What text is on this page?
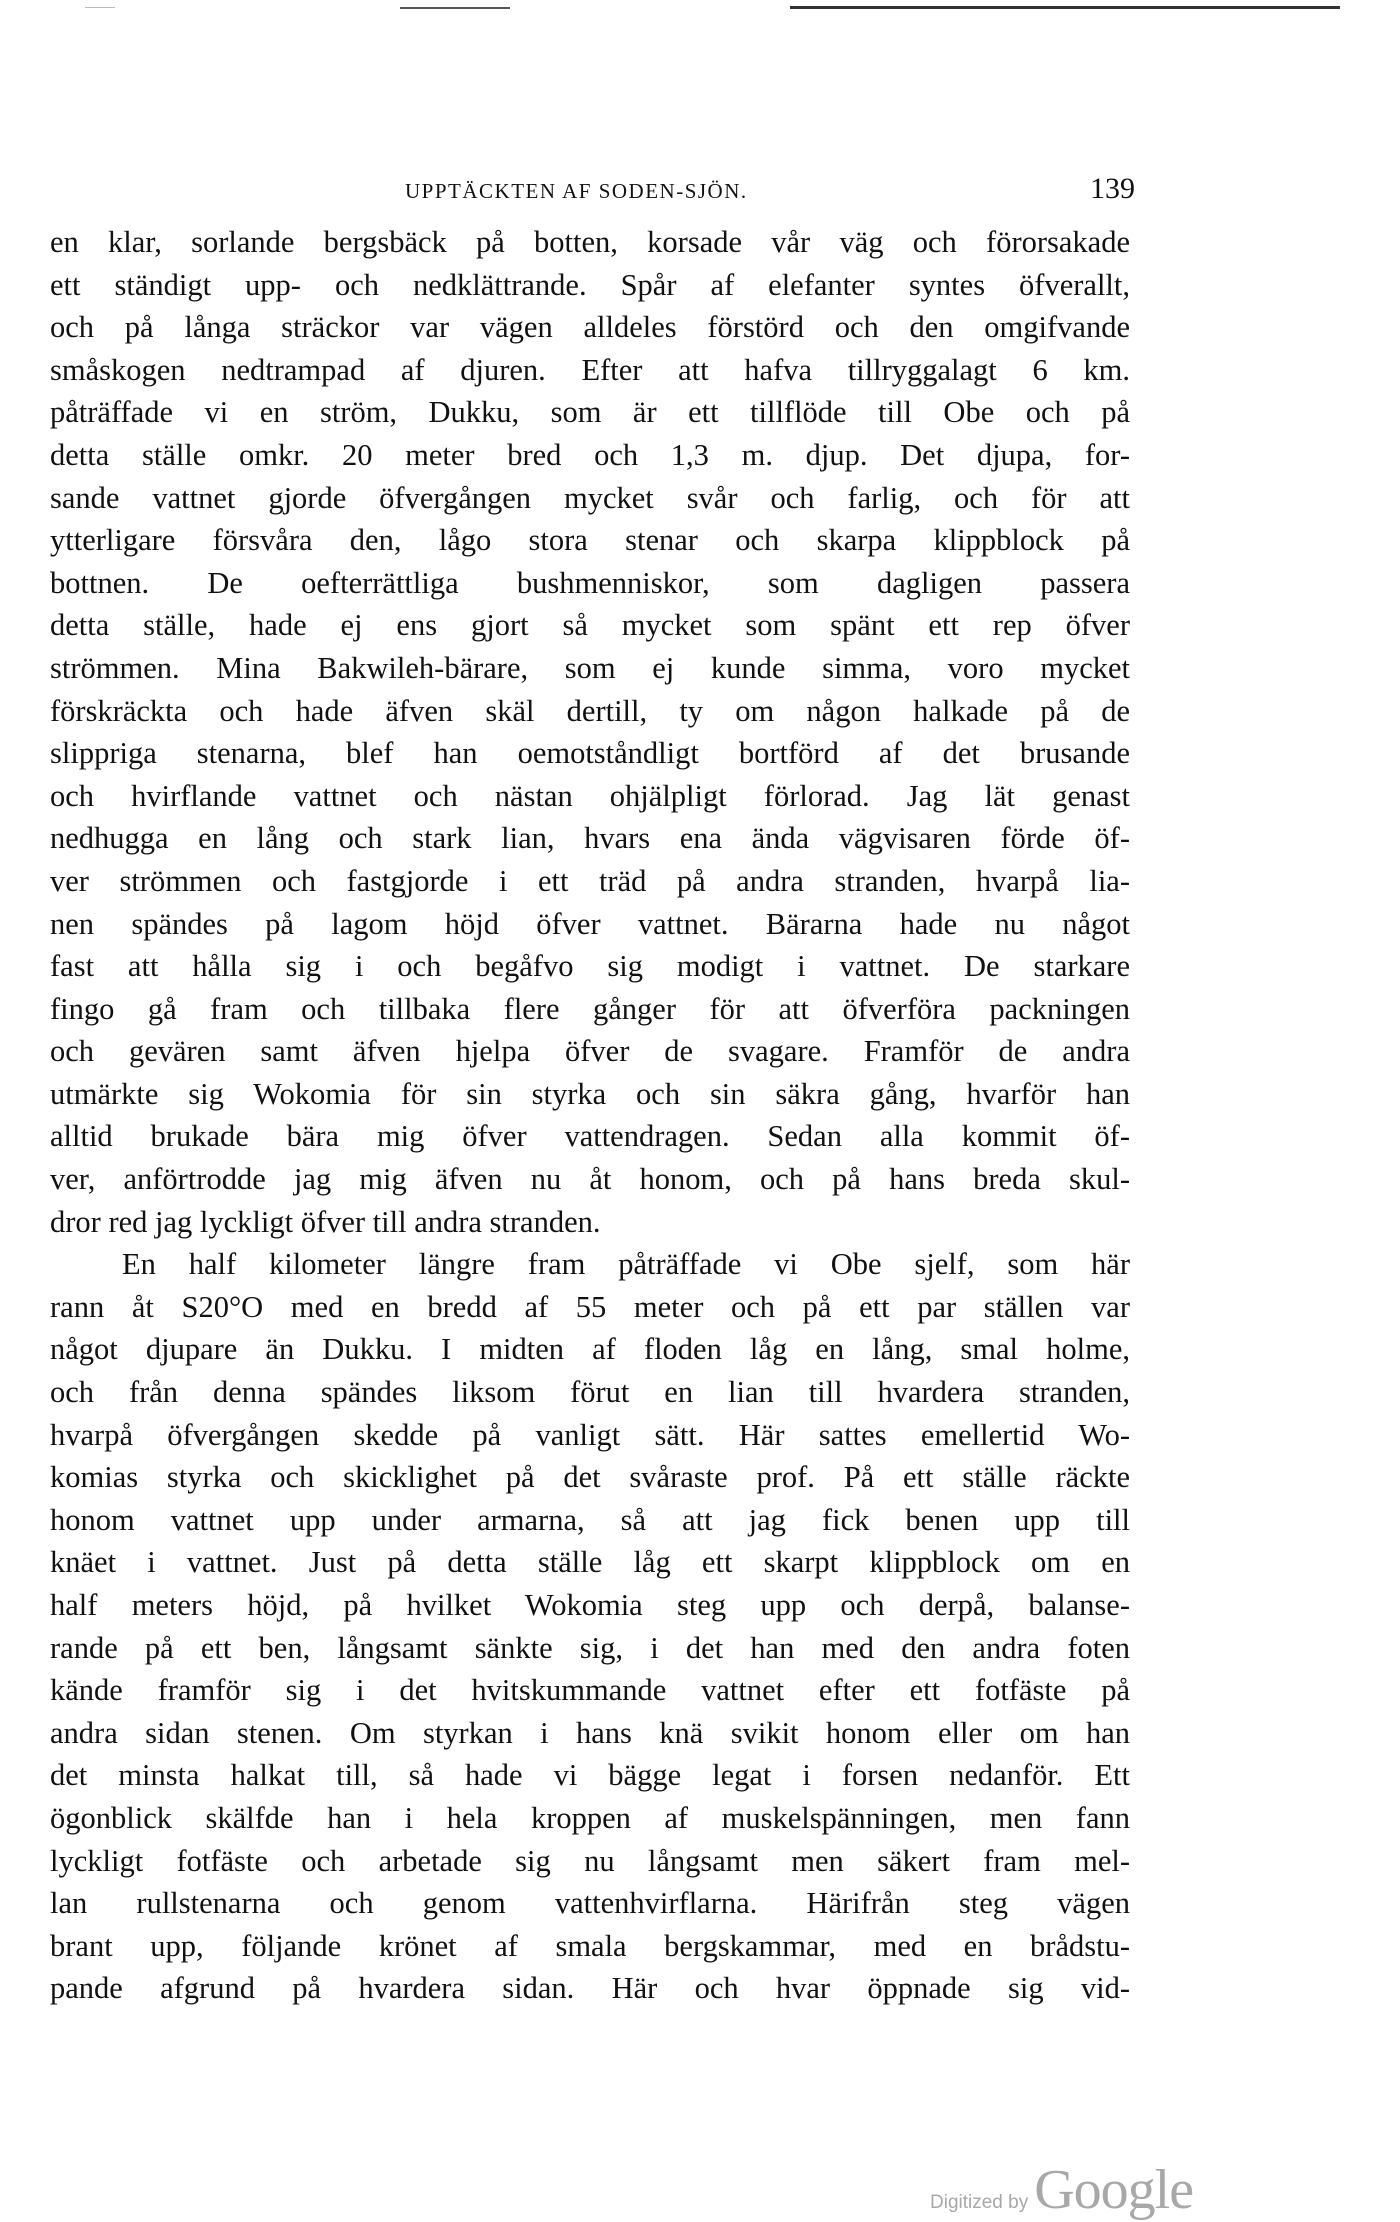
UPPTÄCKTEN AF SODEN-SJÖN.	139
en klar, sorlande bergsbäck på botten, korsade vår väg och förorsakade
ett ständigt upp- och nedklättrande. Spår af elefanter syntes öfverallt,
och på långa sträckor var vägen alldeles förstörd och den omgifvande
småskogen nedtrampad af djuren. Efter att hafva tillryggalagt 6 km.
påträffade vi en ström, Dukku, som är ett tillflöde till Obe och på
detta ställe omkr. 20 meter bred och 1,3 m. djup. Det djupa, for-
sande vattnet gjorde öfvergången mycket svår och farlig, och för att
ytterligare försvåra den, lågo stora stenar och skarpa klippblock på
bottnen. De oefterrättliga bushmenniskor, som dagligen passera
detta ställe, hade ej ens gjort så mycket som spänt ett rep öfver
strömmen. Mina Bakwileh-bärare, som ej kunde simma, voro mycket
förskräckta och hade äfven skäl dertill, ty om någon halkade på de
slippriga stenarna, blef han oemotståndligt bortförd af det brusande
och hvirflande vattnet och nästan ohjälpligt förlorad. Jag lät genast
nedhugga en lång och stark lian, hvars ena ända vägvisaren förde öf-
ver strömmen och fastgjorde i ett träd på andra stranden, hvarpå lia-
nen spändes på lagom höjd öfver vattnet. Bärarna hade nu något
fast att hålla sig i och begåfvo sig modigt i vattnet. De starkare
fingo gå fram och tillbaka flere gånger för att öfverföra packningen
och gevären samt äfven hjelpa öfver de svagare. Framför de andra
utmärkte sig Wokomia för sin styrka och sin säkra gång, hvarför han
alltid brukade bära mig öfver vattendragen. Sedan alla kommit öf-
ver, anförtrodde jag mig äfven nu åt honom, och på hans breda skul-
dror red jag lyckligt öfver till andra stranden.
En half kilometer längre fram påträffade vi Obe sjelf, som här
rann åt S20°O med en bredd af 55 meter och på ett par ställen var
något djupare än Dukku. I midten af floden låg en lång, smal holme,
och från denna spändes liksom förut en lian till hvardera stranden,
hvarpå öfvergången skedde på vanligt sätt. Här sattes emellertid Wo-
komias styrka och skicklighet på det svåraste prof. På ett ställe räckte
honom vattnet upp under armarna, så att jag fick benen upp till
knäet i vattnet. Just på detta ställe låg ett skarpt klippblock om en
half meters höjd, på hvilket Wokomia steg upp och derpå, balanse-
rande på ett ben, långsamt sänkte sig, i det han med den andra foten
kände framför sig i det hvitskummande vattnet efter ett fotfäste på
andra sidan stenen. Om styrkan i hans knä svikit honom eller om han
det minsta halkat till, så hade vi bägge legat i forsen nedanför. Ett
ögonblick skälfde han i hela kroppen af muskelspänningen, men fann
lyckligt fotfäste och arbetade sig nu långsamt men säkert fram mel-
lan rullstenarna och genom vattenhvirflarna. Härifrån steg vägen
brant upp, följande krönet af smala bergskammar, med en brådstu-
pande afgrund på hvardera sidan. Här och hvar öppnade sig vid-
Digitized by Google
